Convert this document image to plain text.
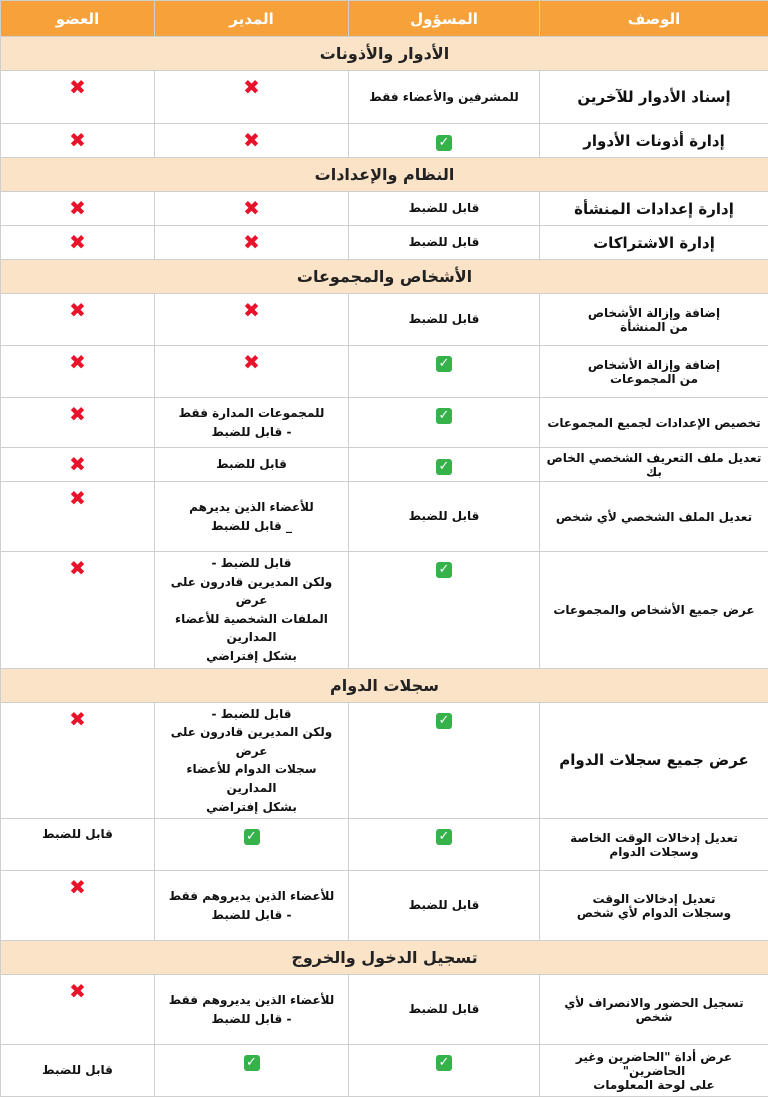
الوصف	المسؤول	المدير	العضو
الأدوار والأذونات			
إسناد الأدوار للآخرين	للمشرفين والأعضاء فقط	✖	✖
إدارة أذونات الأدوار	✓	✖	✖
النظام والإعدادات			
إدارة إعدادات المنشأة	قابل للضبط	✖	✖
إدارة الاشتراكات	قابل للضبط	✖	✖
الأشخاص والمجموعات			
إضافة وإزالة الأشخاص
من المنشأة	قابل للضبط	✖	✖
إضافة وإزالة الأشخاص
من المجموعات	✓	✖	✖
تخصيص الإعدادات لجميع المجموعات	✓	للمجموعات المدارة فقط
- قابل للضبط	✖
تعديل ملف التعريف الشخصي الخاص بك	✓	قابل للضبط	✖
تعديل الملف الشخصي لأي شخص	قابل للضبط	للأعضاء الذين يديرهم
_ قابل للضبط	✖
عرض جميع الأشخاص والمجموعات	✓	قابل للضبط -
ولكن المديرين قادرون على عرض
الملفات الشخصية للأعضاء المدارين
بشكل إفتراضي	✖
سجلات الدوام			
عرض جميع سجلات الدوام	✓	قابل للضبط -
ولكن المديرين قادرون على عرض
سجلات الدوام للأعضاء المدارين
بشكل إفتراضي	✖
تعديل إدخالات الوقت الخاصة
وسجلات الدوام	✓	✓	قابل للضبط
تعديل إدخالات الوقت
وسجلات الدوام لأي شخص	قابل للضبط	للأعضاء الذين يديروهم فقط
- قابل للضبط	✖
تسجيل الدخول والخروج			
تسجيل الحضور والانصراف لأي شخص	قابل للضبط	للأعضاء الذين يديروهم فقط
- قابل للضبط	✖
عرض أداة "الحاضرين وغير الحاضرين"
على لوحة المعلومات	✓	✓	قابل للضبط
